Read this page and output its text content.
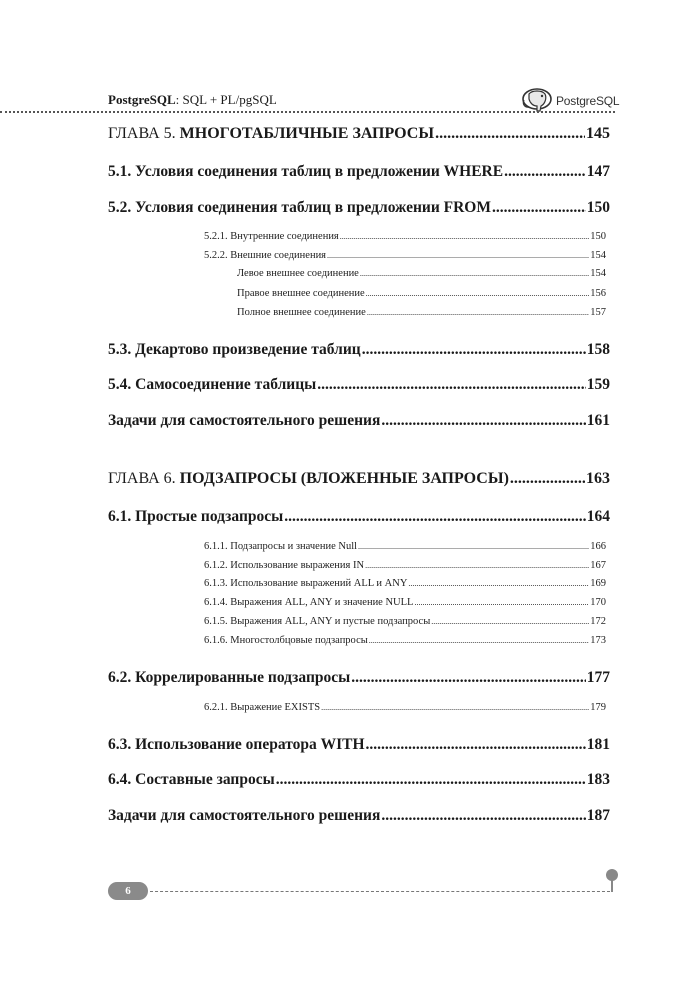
PostgreSQL: SQL + PL/pgSQL	PostgreSQL
ГЛАВА 5. МНОГОТАБЛИЧНЫЕ ЗАПРОСЫ .....	145
5.1. Условия соединения таблиц в предложении WHERE .....	147
5.2. Условия соединения таблиц в предложении FROM .....	150
5.2.1. Внутренние соединения .....	150
5.2.2. Внешние соединения .....	154
Левое внешнее соединение .....	154
Правое внешнее соединение .....	156
Полное внешнее соединение .....	157
5.3. Декартово произведение таблиц .....	158
5.4. Самосоединение таблицы .....	159
Задачи для самостоятельного решения .....	161
ГЛАВА 6. ПОДЗАПРОСЫ (ВЛОЖЕННЫЕ ЗАПРОСЫ) .....	163
6.1. Простые подзапросы .....	164
6.1.1. Подзапросы и значение Null .....	166
6.1.2. Использование выражения IN .....	167
6.1.3. Использование выражений ALL и ANY .....	169
6.1.4. Выражения ALL, ANY и значение NULL .....	170
6.1.5. Выражения ALL, ANY и пустые подзапросы .....	172
6.1.6. Многостолбцовые подзапросы .....	173
6.2. Коррелированные подзапросы .....	177
6.2.1. Выражение EXISTS .....	179
6.3. Использование оператора WITH .....	181
6.4. Составные запросы .....	183
Задачи для самостоятельного решения .....	187
6
